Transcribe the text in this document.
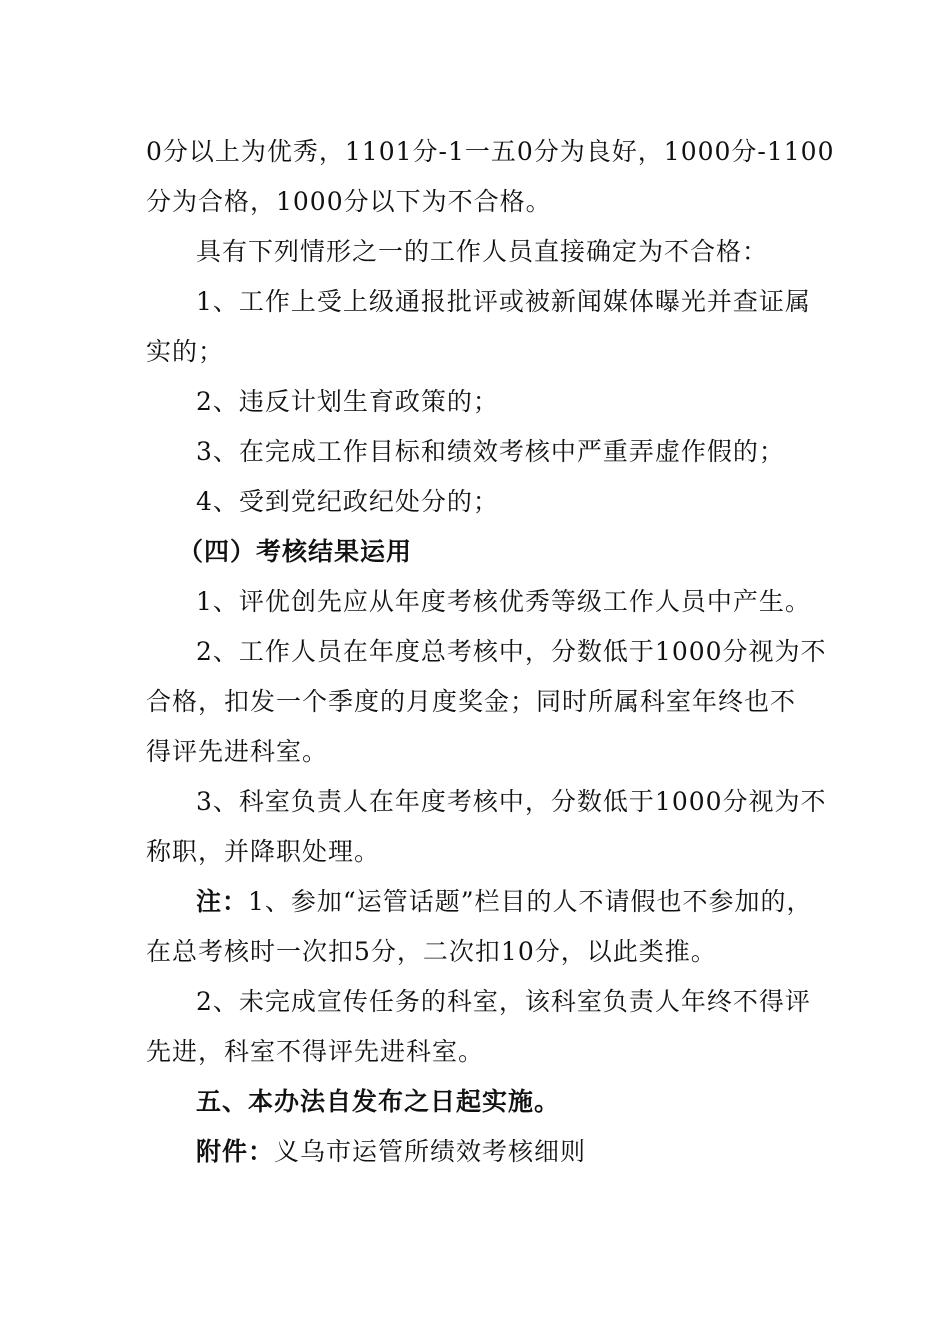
0分以上为优秀，1101分-1一五0分为良好，1000分-1100
分为合格，1000分以下为不合格。
具有下列情形之一的工作人员直接确定为不合格：
1、工作上受上级通报批评或被新闻媒体曝光并查证属
实的；
2、违反计划生育政策的；
3、在完成工作目标和绩效考核中严重弄虚作假的；
4、受到党纪政纪处分的；
（四）考核结果运用
1、评优创先应从年度考核优秀等级工作人员中产生。
2、工作人员在年度总考核中，分数低于1000分视为不
合格，扣发一个季度的月度奖金；同时所属科室年终也不
得评先进科室。
3、科室负责人在年度考核中，分数低于1000分视为不
称职，并降职处理。
注：1、参加“运管话题”栏目的人不请假也不参加的，
在总考核时一次扣5分，二次扣10分，以此类推。
2、未完成宣传任务的科室，该科室负责人年终不得评
先进，科室不得评先进科室。
五、本办法自发布之日起实施。
附件：义乌市运管所绩效考核细则
